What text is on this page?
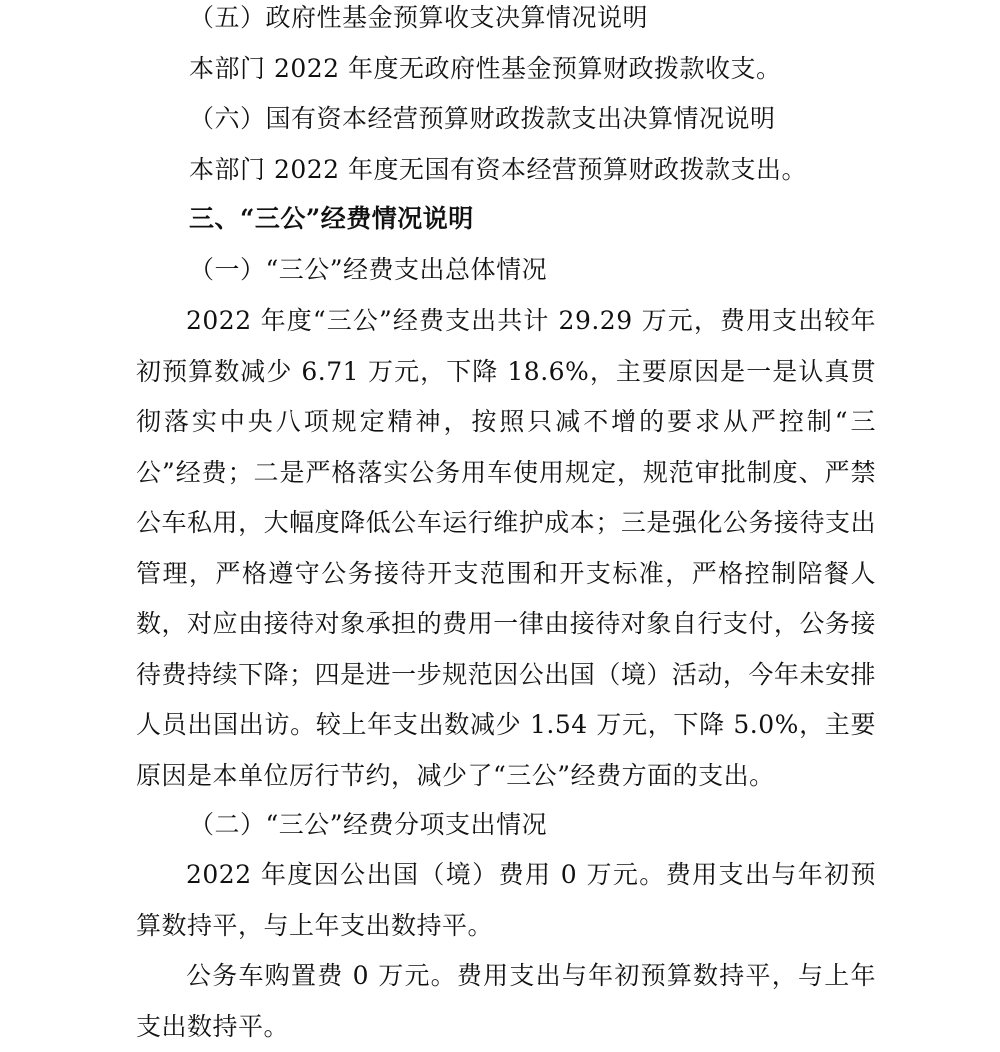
（五）政府性基金预算收支决算情况说明
本部门 2022 年度无政府性基金预算财政拨款收支。
（六）国有资本经营预算财政拨款支出决算情况说明
本部门 2022 年度无国有资本经营预算财政拨款支出。
三、“三公”经费情况说明
（一）“三公”经费支出总体情况
2022 年度“三公”经费支出共计 29.29 万元，费用支出较年初预算数减少 6.71 万元，下降 18.6%，主要原因是一是认真贯彻落实中央八项规定精神，按照只减不增的要求从严控制“三公”经费；二是严格落实公务用车使用规定，规范审批制度、严禁公车私用，大幅度降低公车运行维护成本；三是强化公务接待支出管理，严格遵守公务接待开支范围和开支标准，严格控制陪餐人数，对应由接待对象承担的费用一律由接待对象自行支付，公务接待费持续下降；四是进一步规范因公出国（境）活动，今年未安排人员出国出访。较上年支出数减少 1.54 万元，下降 5.0%，主要原因是本单位厉行节约，减少了“三公”经费方面的支出。
（二）“三公”经费分项支出情况
2022 年度因公出国（境）费用 0 万元。费用支出与年初预算数持平，与上年支出数持平。
公务车购置费 0 万元。费用支出与年初预算数持平，与上年支出数持平。
